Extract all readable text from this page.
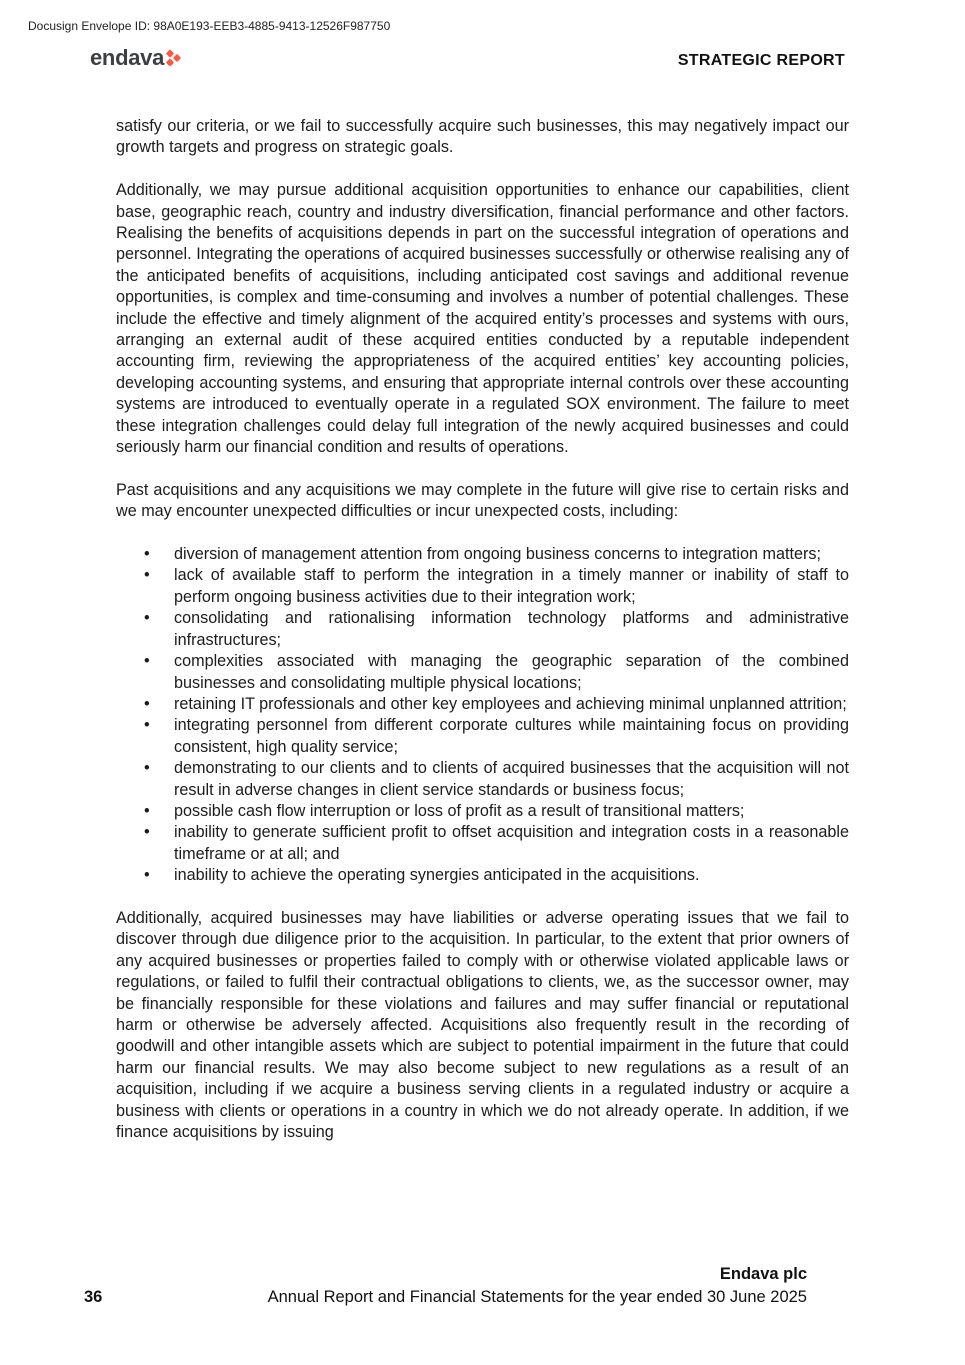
Docusign Envelope ID: 98A0E193-EEB3-4885-9413-12526F987750
endava	STRATEGIC REPORT

satisfy our criteria, or we fail to successfully acquire such businesses, this may negatively impact our growth targets and progress on strategic goals.

Additionally, we may pursue additional acquisition opportunities to enhance our capabilities, client base, geographic reach, country and industry diversification, financial performance and other factors. Realising the benefits of acquisitions depends in part on the successful integration of operations and personnel. Integrating the operations of acquired businesses successfully or otherwise realising any of the anticipated benefits of acquisitions, including anticipated cost savings and additional revenue opportunities, is complex and time-consuming and involves a number of potential challenges. These include the effective and timely alignment of the acquired entity’s processes and systems with ours, arranging an external audit of these acquired entities conducted by a reputable independent accounting firm, reviewing the appropriateness of the acquired entities’ key accounting policies, developing accounting systems, and ensuring that appropriate internal controls over these accounting systems are introduced to eventually operate in a regulated SOX environment. The failure to meet these integration challenges could delay full integration of the newly acquired businesses and could seriously harm our financial condition and results of operations.

Past acquisitions and any acquisitions we may complete in the future will give rise to certain risks and we may encounter unexpected difficulties or incur unexpected costs, including:

• diversion of management attention from ongoing business concerns to integration matters;
• lack of available staff to perform the integration in a timely manner or inability of staff to perform ongoing business activities due to their integration work;
• consolidating and rationalising information technology platforms and administrative infrastructures;
• complexities associated with managing the geographic separation of the combined businesses and consolidating multiple physical locations;
• retaining IT professionals and other key employees and achieving minimal unplanned attrition;
• integrating personnel from different corporate cultures while maintaining focus on providing consistent, high quality service;
• demonstrating to our clients and to clients of acquired businesses that the acquisition will not result in adverse changes in client service standards or business focus;
• possible cash flow interruption or loss of profit as a result of transitional matters;
• inability to generate sufficient profit to offset acquisition and integration costs in a reasonable timeframe or at all; and
• inability to achieve the operating synergies anticipated in the acquisitions.

Additionally, acquired businesses may have liabilities or adverse operating issues that we fail to discover through due diligence prior to the acquisition. In particular, to the extent that prior owners of any acquired businesses or properties failed to comply with or otherwise violated applicable laws or regulations, or failed to fulfil their contractual obligations to clients, we, as the successor owner, may be financially responsible for these violations and failures and may suffer financial or reputational harm or otherwise be adversely affected. Acquisitions also frequently result in the recording of goodwill and other intangible assets which are subject to potential impairment in the future that could harm our financial results. We may also become subject to new regulations as a result of an acquisition, including if we acquire a business serving clients in a regulated industry or acquire a business with clients or operations in a country in which we do not already operate. In addition, if we finance acquisitions by issuing

Endava plc
36	Annual Report and Financial Statements for the year ended 30 June 2025
